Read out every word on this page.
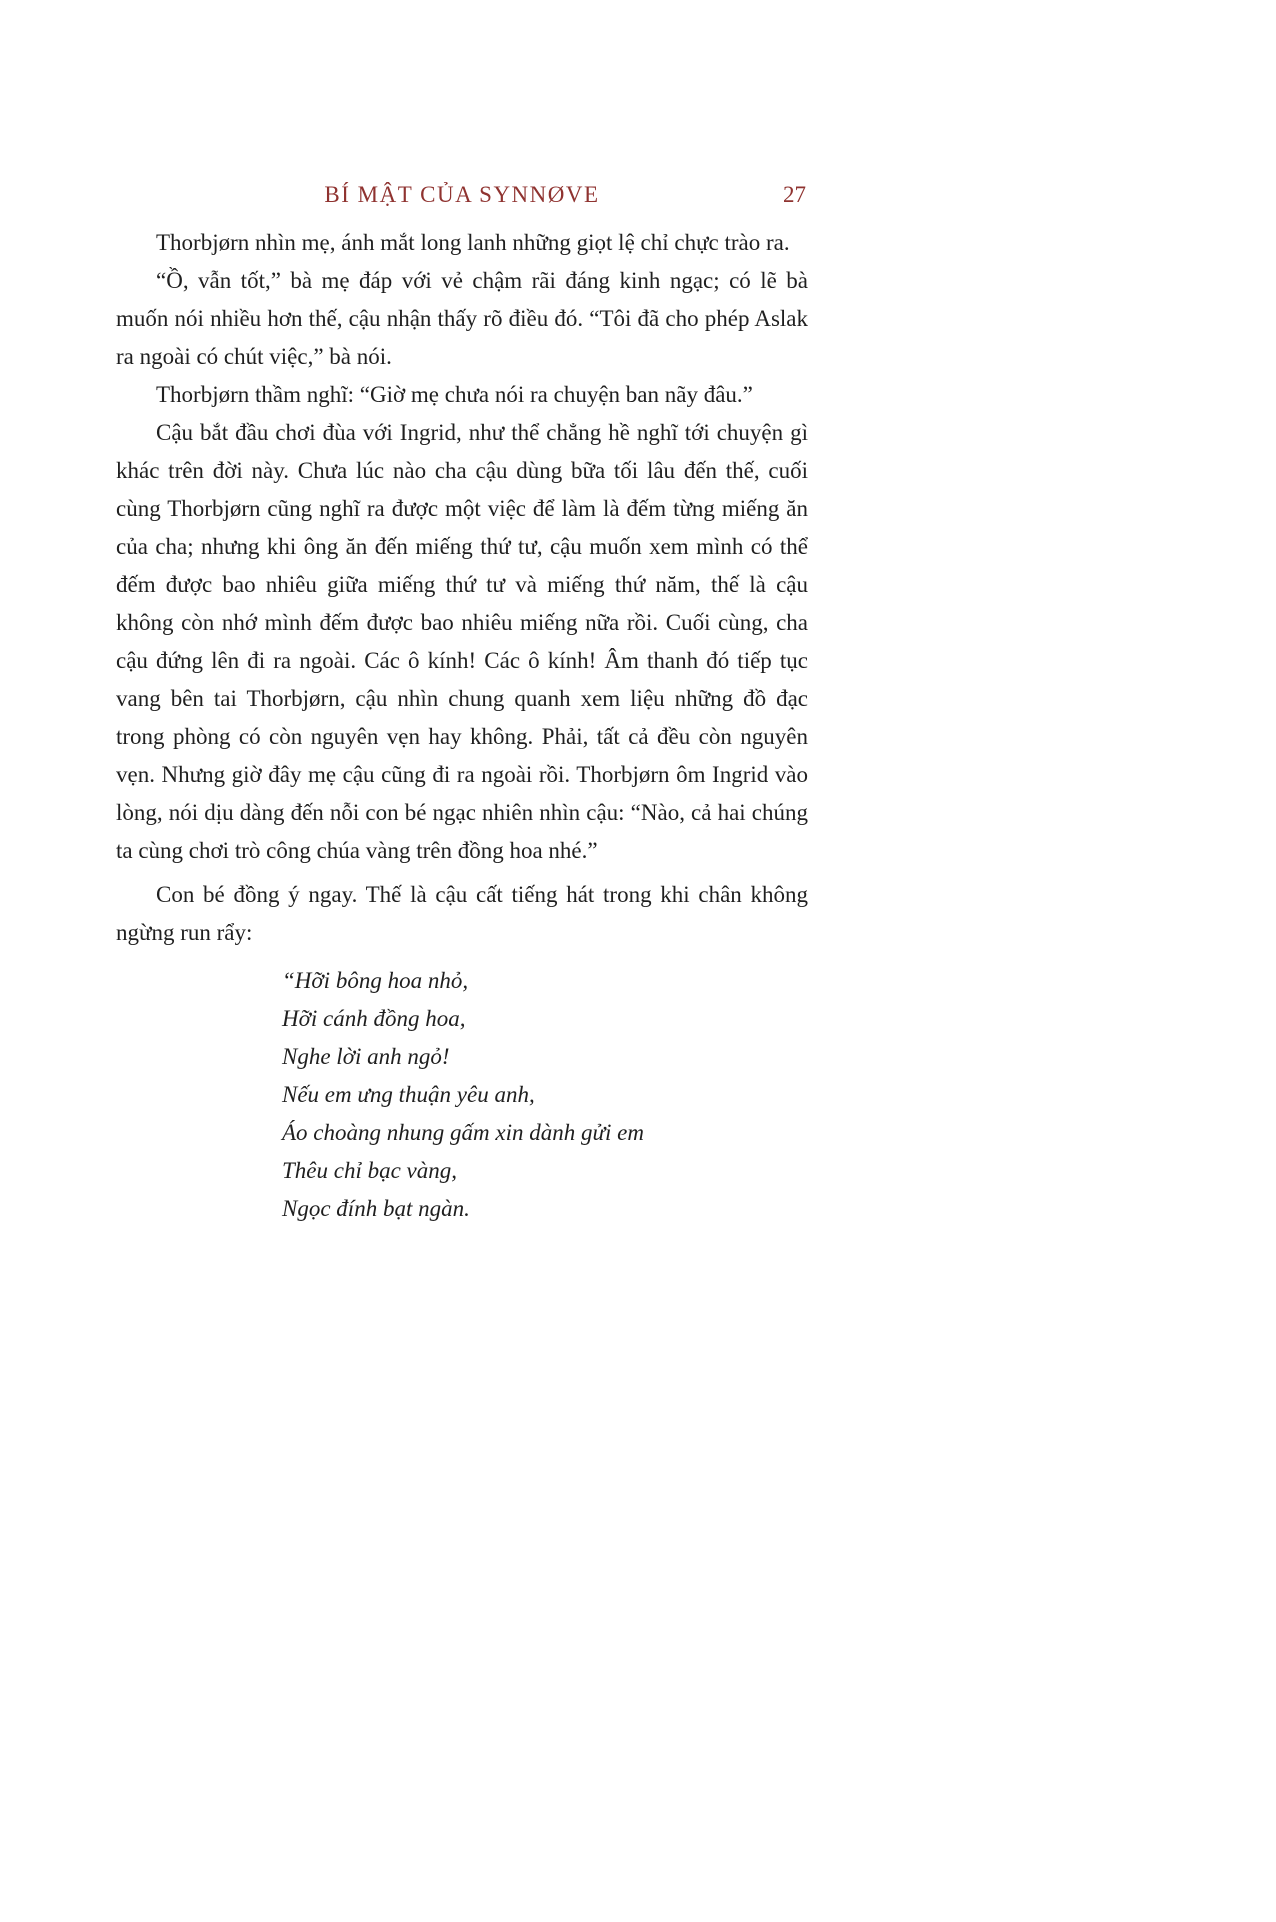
BÍ MẬT CỦA SYNNØVE	27

Thorbjørn nhìn mẹ, ánh mắt long lanh những giọt lệ chỉ chực trào ra.

“Ồ, vẫn tốt,” bà mẹ đáp với vẻ chậm rãi đáng kinh ngạc; có lẽ bà muốn nói nhiều hơn thế, cậu nhận thấy rõ điều đó. “Tôi đã cho phép Aslak ra ngoài có chút việc,” bà nói.

Thorbjørn thầm nghĩ: “Giờ mẹ chưa nói ra chuyện ban nãy đâu.”

Cậu bắt đầu chơi đùa với Ingrid, như thể chẳng hề nghĩ tới chuyện gì khác trên đời này. Chưa lúc nào cha cậu dùng bữa tối lâu đến thế, cuối cùng Thorbjørn cũng nghĩ ra được một việc để làm là đếm từng miếng ăn của cha; nhưng khi ông ăn đến miếng thứ tư, cậu muốn xem mình có thể đếm được bao nhiêu giữa miếng thứ tư và miếng thứ năm, thế là cậu không còn nhớ mình đếm được bao nhiêu miếng nữa rồi. Cuối cùng, cha cậu đứng lên đi ra ngoài. Các ô kính! Các ô kính! Âm thanh đó tiếp tục vang bên tai Thorbjørn, cậu nhìn chung quanh xem liệu những đồ đạc trong phòng có còn nguyên vẹn hay không. Phải, tất cả đều còn nguyên vẹn. Nhưng giờ đây mẹ cậu cũng đi ra ngoài rồi. Thorbjørn ôm Ingrid vào lòng, nói dịu dàng đến nỗi con bé ngạc nhiên nhìn cậu: “Nào, cả hai chúng ta cùng chơi trò công chúa vàng trên đồng hoa nhé.”

Con bé đồng ý ngay. Thế là cậu cất tiếng hát trong khi chân không ngừng run rẩy:

“Hỡi bông hoa nhỏ,
Hỡi cánh đồng hoa,
Nghe lời anh ngỏ!
Nếu em ưng thuận yêu anh,
Áo choàng nhung gấm xin dành gửi em
Thêu chỉ bạc vàng,
Ngọc đính bạt ngàn.
